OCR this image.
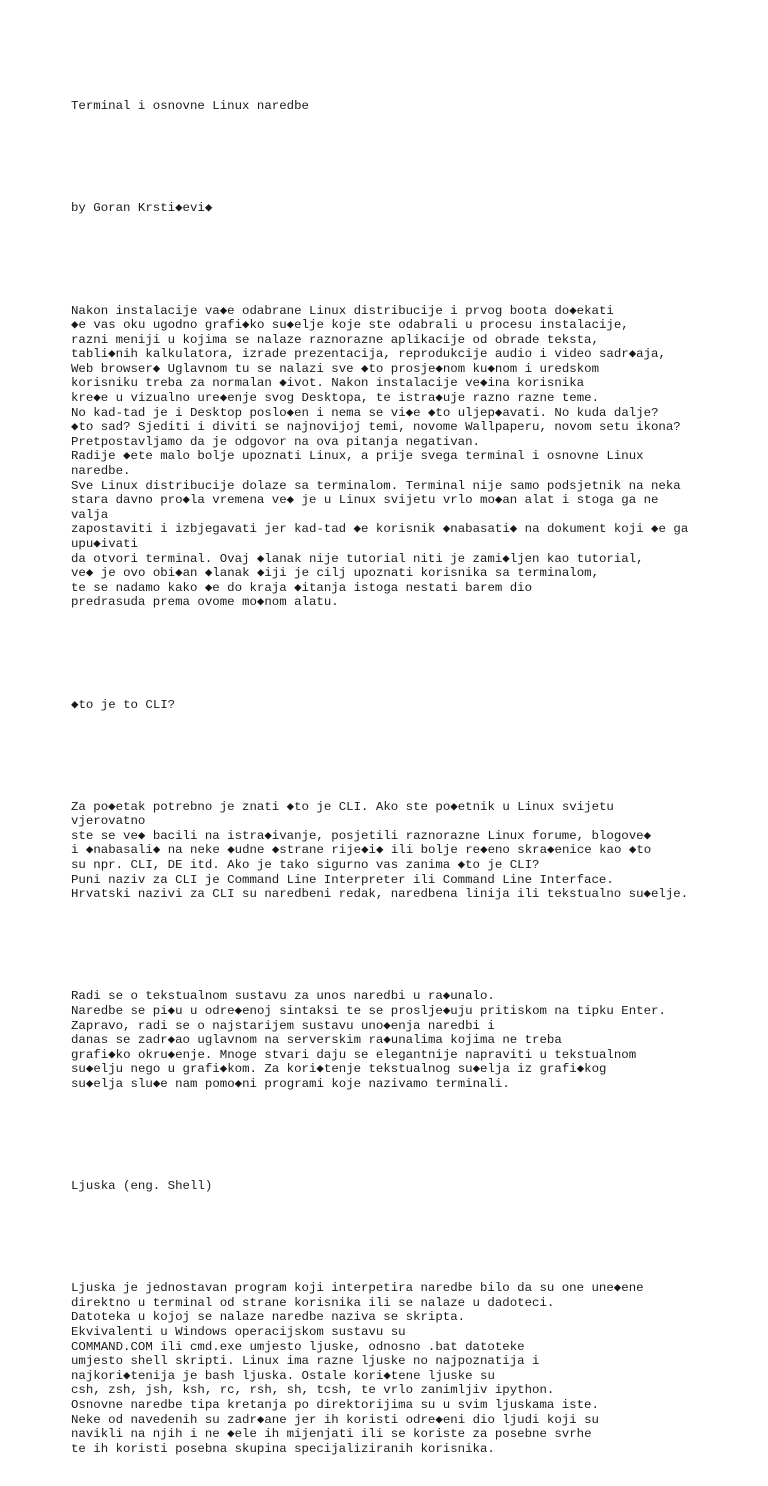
Terminal i osnovne Linux naredbe

by Goran Krsti◆evi◆

Nakon instalacije va◆e odabrane Linux distribucije i prvog boota do◆ekati
◆e vas oku ugodno grafi◆ko su◆elje koje ste odabrali u procesu instalacije,
razni meniji u kojima se nalaze raznorazne aplikacije od obrade teksta,
tabli◆nih kalkulatora, izrade prezentacija, reprodukcije audio i video sadr◆aja,
Web browser◆ Uglavnom tu se nalazi sve ◆to prosje◆nom ku◆nom i uredskom
korisniku treba za normalan ◆ivot. Nakon instalacije ve◆ina korisnika
kre◆e u vizualno ure◆enje svog Desktopa, te istra◆uje razno razne teme.
No kad-tad je i Desktop poslo◆en i nema se vi◆e ◆to uljep◆avati. No kuda dalje?
◆to sad? Sjediti i diviti se najnovijoj temi, novome Wallpaperu, novom setu ikona?
Pretpostavljamo da je odgovor na ova pitanja negativan.
Radije ◆ete malo bolje upoznati Linux, a prije svega terminal i osnovne Linux
naredbe.
Sve Linux distribucije dolaze sa terminalom. Terminal nije samo podsjetnik na neka
stara davno pro◆la vremena ve◆ je u Linux svijetu vrlo mo◆an alat i stoga ga ne
valja
zapostaviti i izbjegavati jer kad-tad ◆e korisnik ◆nabasati◆ na dokument koji ◆e ga
upu◆ivati
da otvori terminal. Ovaj ◆lanak nije tutorial niti je zami◆ljen kao tutorial,
ve◆ je ovo obi◆an ◆lanak ◆iji je cilj upoznati korisnika sa terminalom,
te se nadamo kako ◆e do kraja ◆itanja istoga nestati barem dio
predrasuda prema ovome mo◆nom alatu.

◆to je to CLI?

Za po◆etak potrebno je znati ◆to je CLI. Ako ste po◆etnik u Linux svijetu
vjerovatno
ste se ve◆ bacili na istra◆ivanje, posjetili raznorazne Linux forume, blogove◆
i ◆nabasali◆ na neke ◆udne ◆strane rije◆i◆ ili bolje re◆eno skra◆enice kao ◆to
su npr. CLI, DE itd. Ako je tako sigurno vas zanima ◆to je CLI?
Puni naziv za CLI je Command Line Interpreter ili Command Line Interface.
Hrvatski nazivi za CLI su naredbeni redak, naredbena linija ili tekstualno su◆elje.

Radi se o tekstualnom sustavu za unos naredbi u ra◆unalo.
Naredbe se pi◆u u odre◆enoj sintaksi te se proslje◆uju pritiskom na tipku Enter.
Zapravo, radi se o najstarijem sustavu uno◆enja naredbi i
danas se zadr◆ao uglavnom na serverskim ra◆unalima kojima ne treba
grafi◆ko okru◆enje. Mnoge stvari daju se elegantnije napraviti u tekstualnom
su◆elju nego u grafi◆kom. Za kori◆tenje tekstualnog su◆elja iz grafi◆kog
su◆elja slu◆e nam pomo◆ni programi koje nazivamo terminali.

Ljuska (eng. Shell)

Ljuska je jednostavan program koji interpetira naredbe bilo da su one une◆ene
direktno u terminal od strane korisnika ili se nalaze u dadoteci.
Datoteka u kojoj se nalaze naredbe naziva se skripta.
Ekvivalenti u Windows operacijskom sustavu su
COMMAND.COM ili cmd.exe umjesto ljuske, odnosno .bat datoteke
umjesto shell skripti. Linux ima razne ljuske no najpoznatija i
najkori◆tenija je bash ljuska. Ostale kori◆tene ljuske su
csh, zsh, jsh, ksh, rc, rsh, sh, tcsh, te vrlo zanimljiv ipython.
Osnovne naredbe tipa kretanja po direktorijima su u svim ljuskama iste.
Neke od navedenih su zadr◆ane jer ih koristi odre◆eni dio ljudi koji su
navikli na njih i ne ◆ele ih mijenjati ili se koriste za posebne svrhe
te ih koristi posebna skupina specijaliziranih korisnika.
